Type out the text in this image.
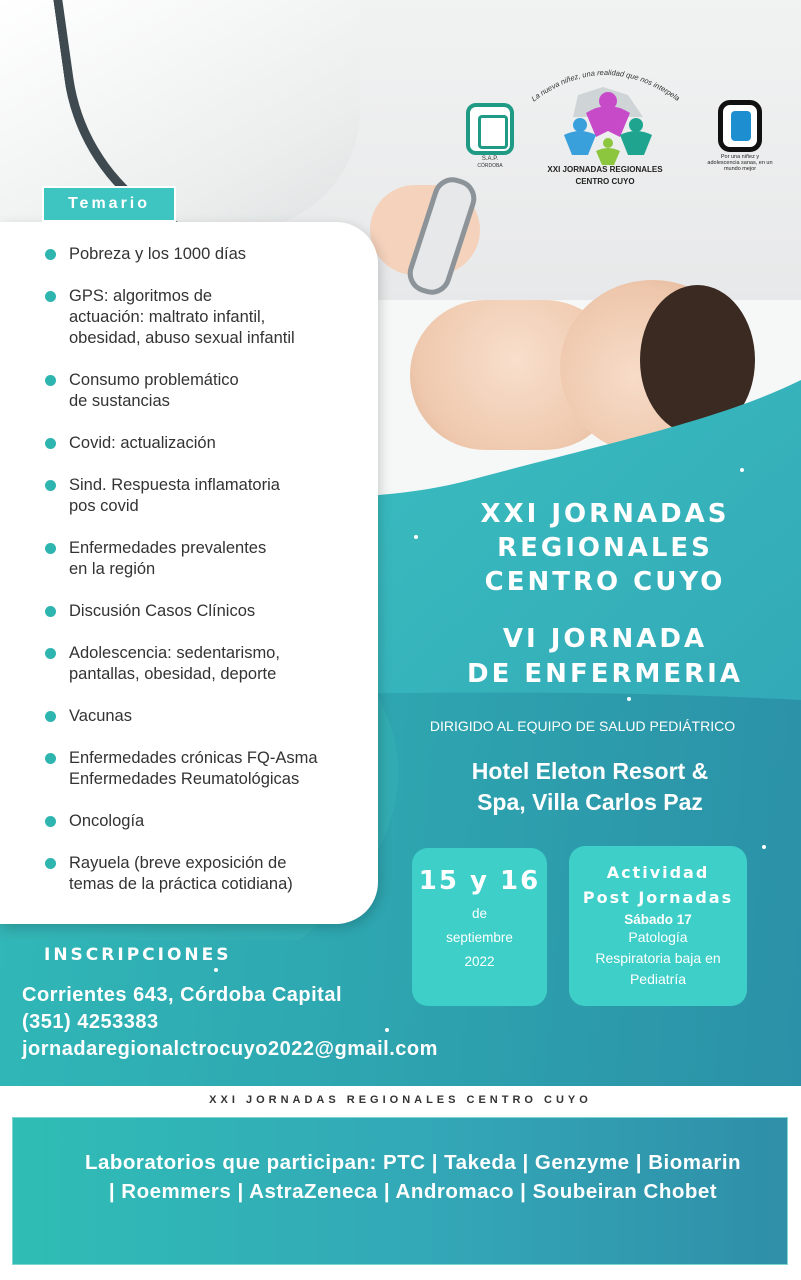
S.A.P.
CÓRDOBA
La nueva niñez, una realidad que nos interpela
XXI JORNADAS REGIONALES
CENTRO CUYO
Por una niñez y adolescencia sanas, en un mundo mejor
Temario
Pobreza y los 1000 días
GPS: algoritmos de
actuación: maltrato infantil,
obesidad, abuso sexual infantil
Consumo problemático
de sustancias
Covid: actualización
Sind. Respuesta inflamatoria
pos covid
Enfermedades prevalentes
en la región
Discusión Casos Clínicos
Adolescencia: sedentarismo,
pantallas, obesidad, deporte
Vacunas
Enfermedades crónicas FQ-Asma
Enfermedades Reumatológicas
Oncología
Rayuela (breve exposición de
temas de la práctica cotidiana)
XXI JORNADAS
REGIONALES
CENTRO CUYO
VI JORNADA
DE ENFERMERIA
DIRIGIDO AL EQUIPO DE SALUD PEDIÁTRICO
Hotel Eleton Resort &
Spa, Villa Carlos Paz
15 y 16
de
septiembre
2022
Actividad
Post Jornadas
Sábado 17
Patología
Respiratoria baja en
Pediatría
INSCRIPCIONES
Corrientes 643, Córdoba Capital
(351) 4253383
jornadaregionalctrocuyo2022@gmail.com
XXI JORNADAS REGIONALES CENTRO CUYO
Laboratorios que participan: PTC | Takeda | Genzyme | Biomarin | Roemmers | AstraZeneca | Andromaco | Soubeiran Chobet
